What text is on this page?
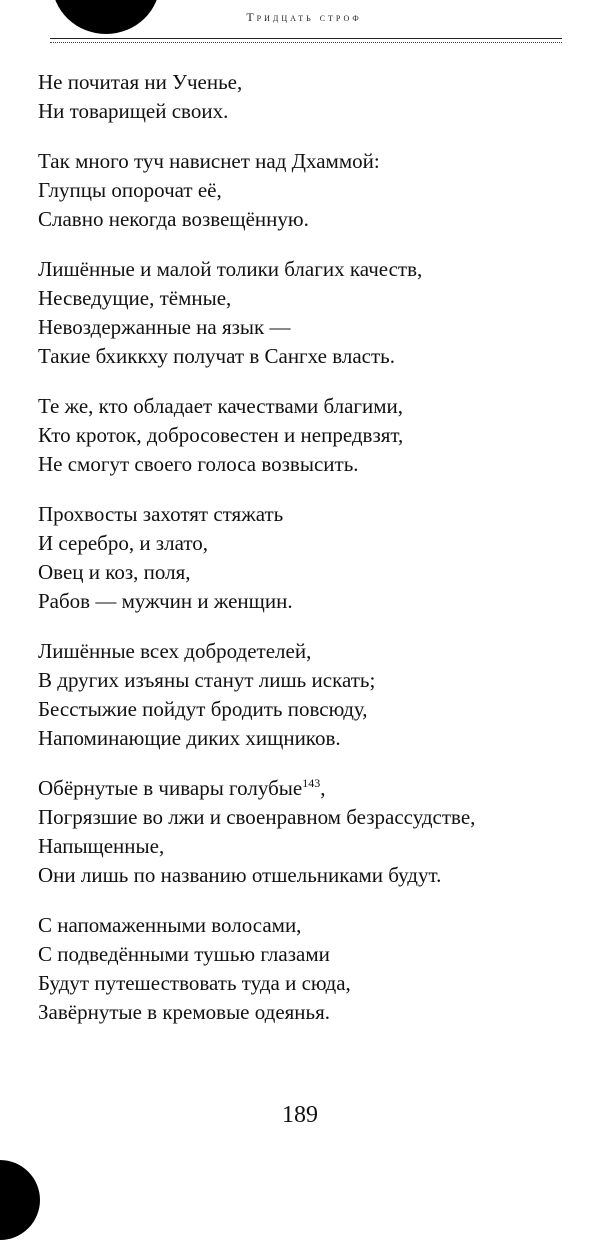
Тридцать строф
Не почитая ни Ученье,
Ни товарищей своих.
Так много туч нависнет над Дхаммой:
Глупцы опорочат её,
Славно некогда возвещённую.
Лишённые и малой толики благих качеств,
Несведущие, тёмные,
Невоздержанные на язык —
Такие бхиккху получат в Сангхе власть.
Те же, кто обладает качествами благими,
Кто кроток, добросовестен и непредвзят,
Не смогут своего голоса возвысить.
Прохвосты захотят стяжать
И серебро, и злато,
Овец и коз, поля,
Рабов — мужчин и женщин.
Лишённые всех добродетелей,
В других изъяны станут лишь искать;
Бесстыжие пойдут бродить повсюду,
Напоминающие диких хищников.
Обёрнутые в чивары голубые$^{143}$,
Погрязшие во лжи и своенравном безрассудстве,
Напыщенные,
Они лишь по названию отшельниками будут.
С напомаженными волосами,
С подведёнными тушью глазами
Будут путешествовать туда и сюда,
Завёрнутые в кремовые одеянья.
189
